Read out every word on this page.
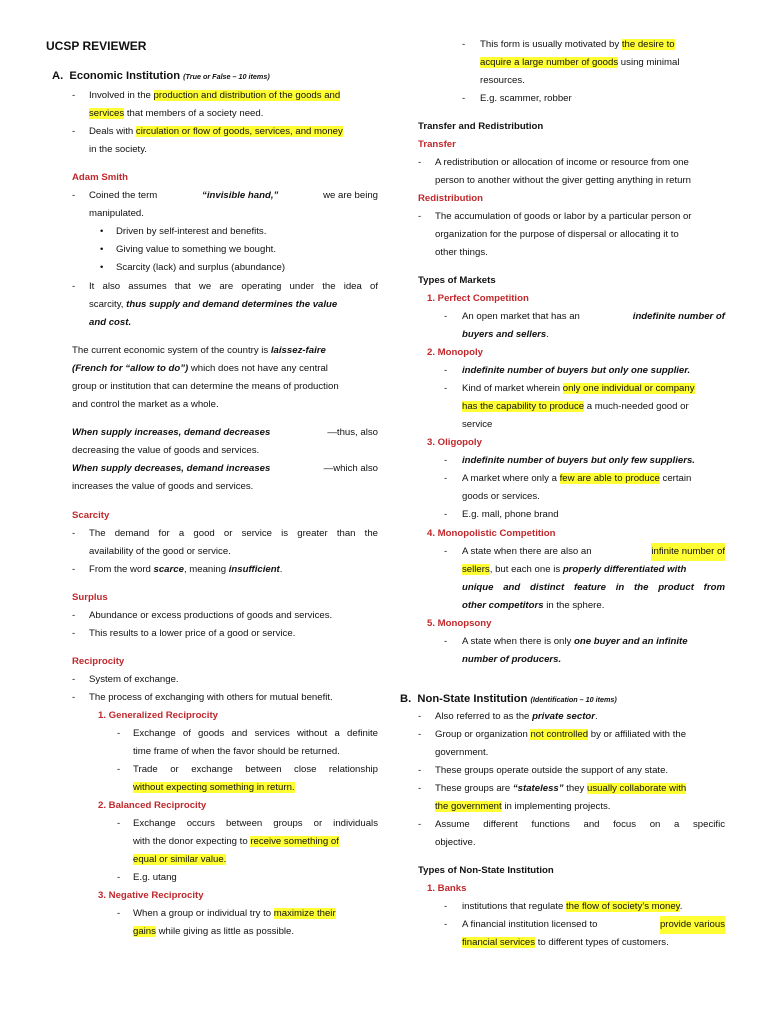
UCSP REVIEWER
A. Economic Institution (True or False – 10 items)
- Involved in the production and distribution of the goods and
services that members of a society need.
- Deals with circulation or flow of goods, services, and money
in the society.
Adam Smith
- Coined the term	“invisible hand,”	we are being
manipulated.
• Driven by self-interest and benefits.
• Giving value to something we bought.
• Scarcity (lack) and surplus (abundance)
- It also assumes that we are operating under the idea of
scarcity, thus supply and demand determines the value
and cost.
The current economic system of the country is laissez-faire
(French for “allow to do”) which does not have any central
group or institution that can determine the means of production
and control the market as a whole.
When supply increases, demand decreases	—thus, also
decreasing the value of goods and services.
When supply decreases, demand increases	—which also
increases the value of goods and services.
Scarcity
- The demand for a good or service is greater than the
availability of the good or service.
- From the word scarce, meaning insufficient.
Surplus
- Abundance or excess productions of goods and services.
- This results to a lower price of a good or service.
Reciprocity
- System of exchange.
- The process of exchanging with others for mutual benefit.
1. Generalized Reciprocity
- Exchange of goods and services without a definite
time frame of when the favor should be returned.
- Trade or exchange between close relationship
without expecting something in return.
2. Balanced Reciprocity
- Exchange occurs between groups or individuals
with the donor expecting to receive something of
equal or similar value.
- E.g. utang
3. Negative Reciprocity
- When a group or individual try to maximize their
gains while giving as little as possible.
- This form is usually motivated by the desire to
acquire a large number of goods using minimal
resources.
- E.g. scammer, robber
Transfer and Redistribution
Transfer
- A redistribution or allocation of income or resource from one
person to another without the giver getting anything in return
Redistribution
- The accumulation of goods or labor by a particular person or
organization for the purpose of dispersal or allocating it to
other things.
Types of Markets
1. Perfect Competition
- An open market that has an	indefinite number of
buyers and sellers.
2. Monopoly
- indefinite number of buyers but only one supplier.
- Kind of market wherein only one individual or company
has the capability to produce a much-needed good or
service
3. Oligopoly
- indefinite number of buyers but only few suppliers.
- A market where only a few are able to produce certain
goods or services.
- E.g. mall, phone brand
4. Monopolistic Competition
- A state when there are also an	infinite number of
sellers, but each one is properly differentiated with
unique and distinct feature in the product from
other competitors in the sphere.
5. Monopsony
- A state when there is only one buyer and an infinite
number of producers.
B. Non-State Institution (Identification – 10 items)
- Also referred to as the private sector.
- Group or organization not controlled by or affiliated with the
government.
- These groups operate outside the support of any state.
- These groups are “stateless” they usually collaborate with
the government in implementing projects.
- Assume different functions and focus on a specific
objective.
Types of Non-State Institution
1. Banks
- institutions that regulate the flow of society’s money.
- A financial institution licensed to	provide various
financial services to different types of customers.
